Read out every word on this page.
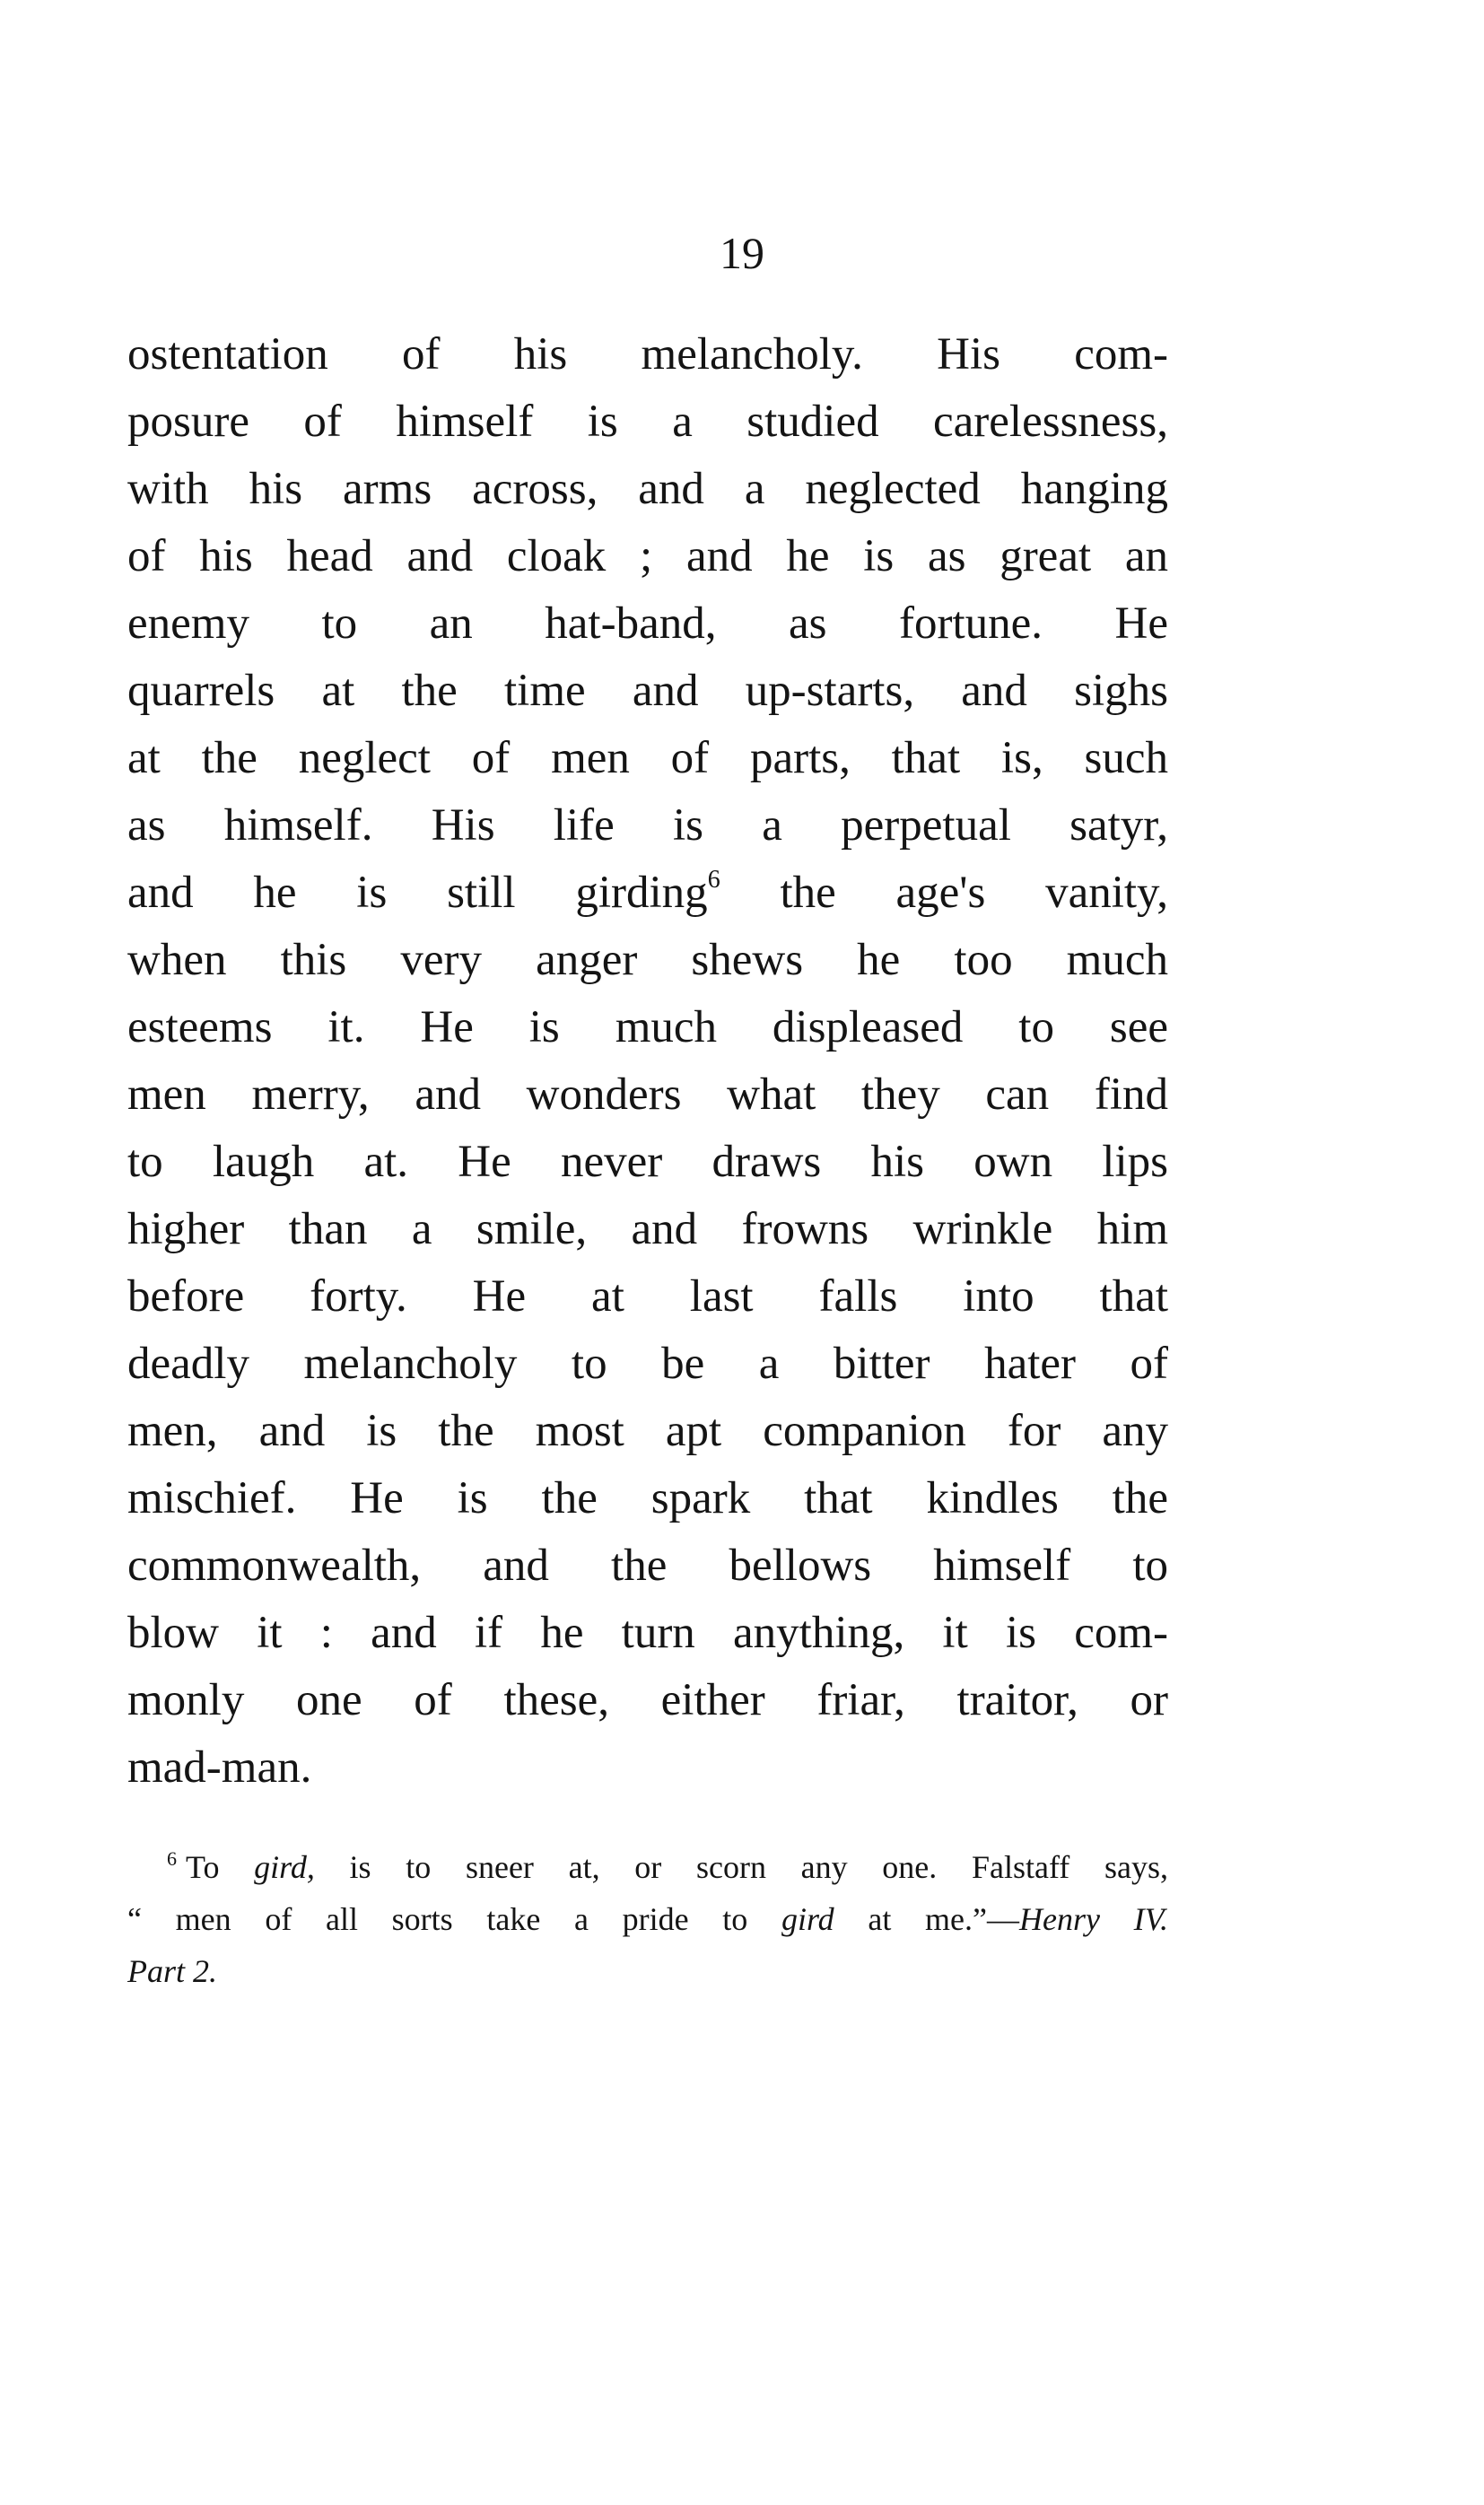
19
ostentation of his melancholy. His com-
posure of himself is a studied carelessness,
with his arms across, and a neglected hanging
of his head and cloak ; and he is as great an
enemy to an hat-band, as fortune. He
quarrels at the time and up-starts, and sighs
at the neglect of men of parts, that is, such
as himself. His life is a perpetual satyr,
and he is still girding$^6$ the age's vanity,
when this very anger shews he too much
esteems it. He is much displeased to see
men merry, and wonders what they can find
to laugh at. He never draws his own lips
higher than a smile, and frowns wrinkle him
before forty. He at last falls into that
deadly melancholy to be a bitter hater of
men, and is the most apt companion for any
mischief. He is the spark that kindles the
commonwealth, and the bellows himself to
blow it : and if he turn anything, it is com-
monly one of these, either friar, traitor, or
mad-man.
$^6$ To gird, is to sneer at, or scorn any one. Falstaff says,
“ men of all sorts take a pride to gird at me.”—Henry IV.
Part 2.
